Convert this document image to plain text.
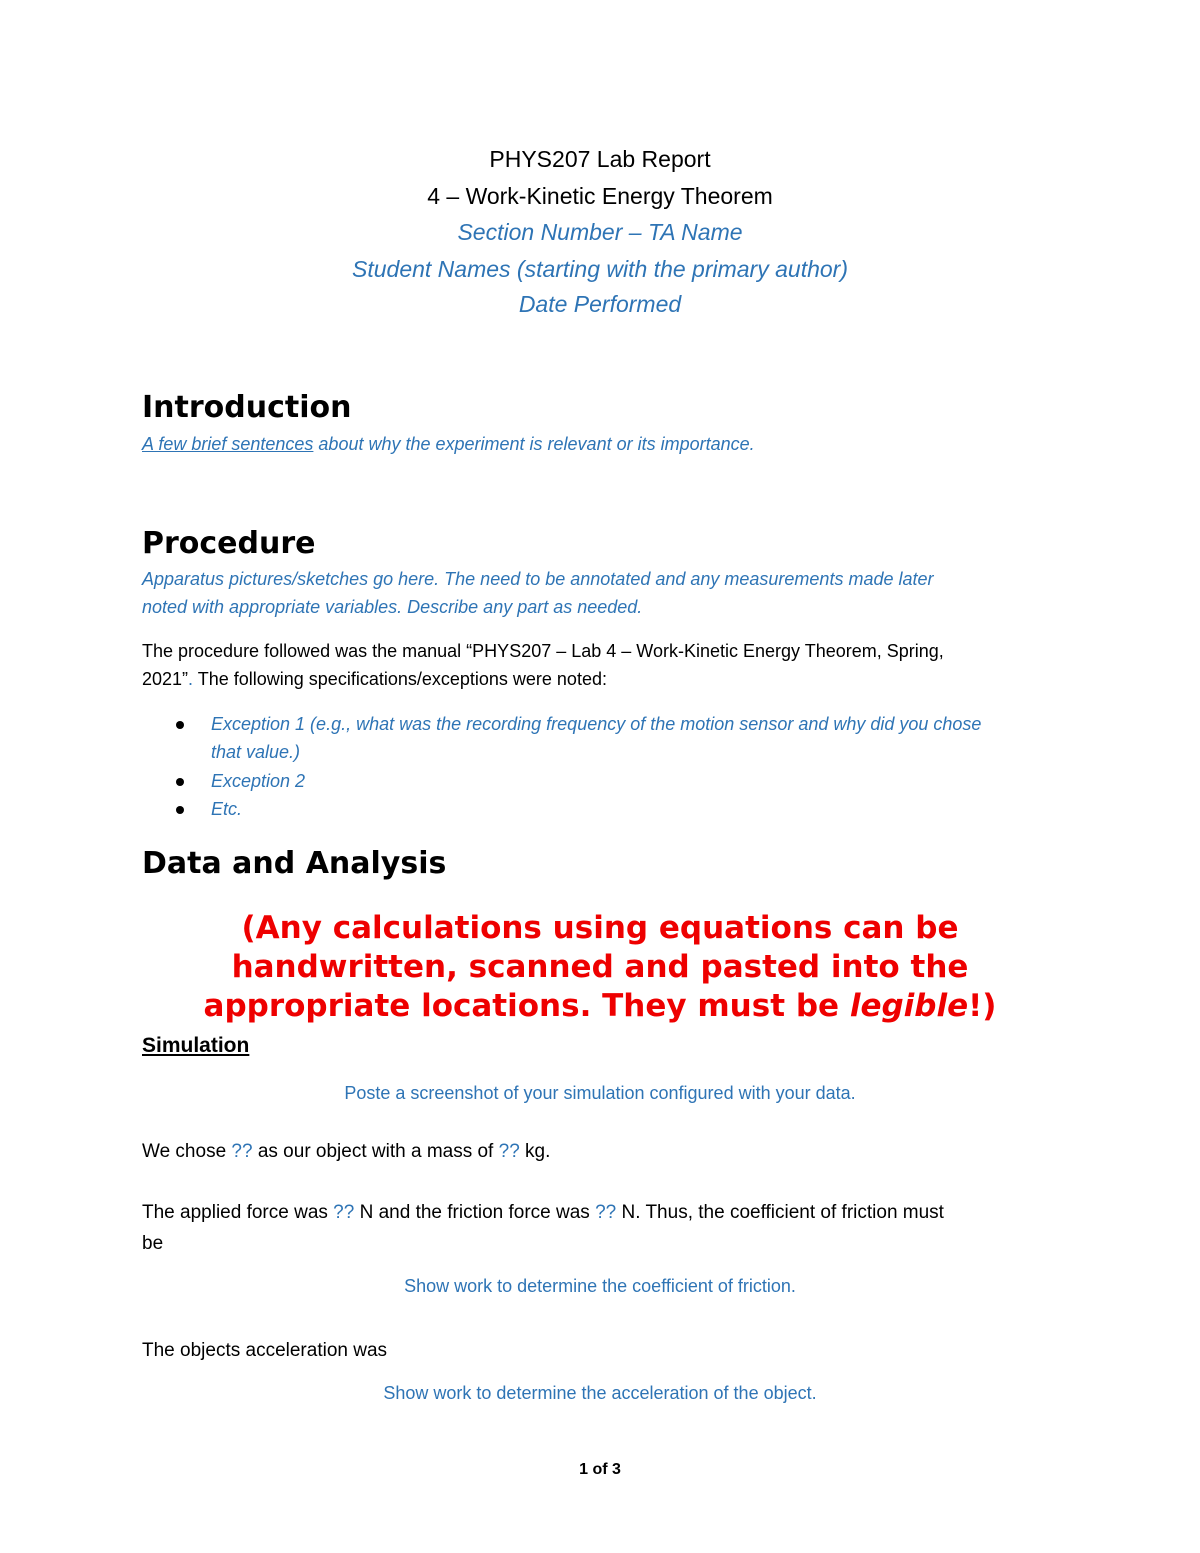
PHYS207 Lab Report
4 – Work-Kinetic Energy Theorem
Section Number – TA Name
Student Names (starting with the primary author)
Date Performed
Introduction
A few brief sentences about why the experiment is relevant or its importance.
Procedure
Apparatus pictures/sketches go here. The need to be annotated and any measurements made later
noted with appropriate variables. Describe any part as needed.
The procedure followed was the manual “PHYS207 – Lab 4 – Work-Kinetic Energy Theorem, Spring,
2021”. The following specifications/exceptions were noted:
Exception 1 (e.g., what was the recording frequency of the motion sensor and why did you chose
that value.)
Exception 2
Etc.
Data and Analysis
(Any calculations using equations can be
handwritten, scanned and pasted into the
appropriate locations. They must be legible!)
Simulation
Poste a screenshot of your simulation configured with your data.
We chose ?? as our object with a mass of ?? kg.
The applied force was ?? N and the friction force was ?? N. Thus, the coefficient of friction must
be
Show work to determine the coefficient of friction.
The objects acceleration was
Show work to determine the acceleration of the object.
1 of 3
